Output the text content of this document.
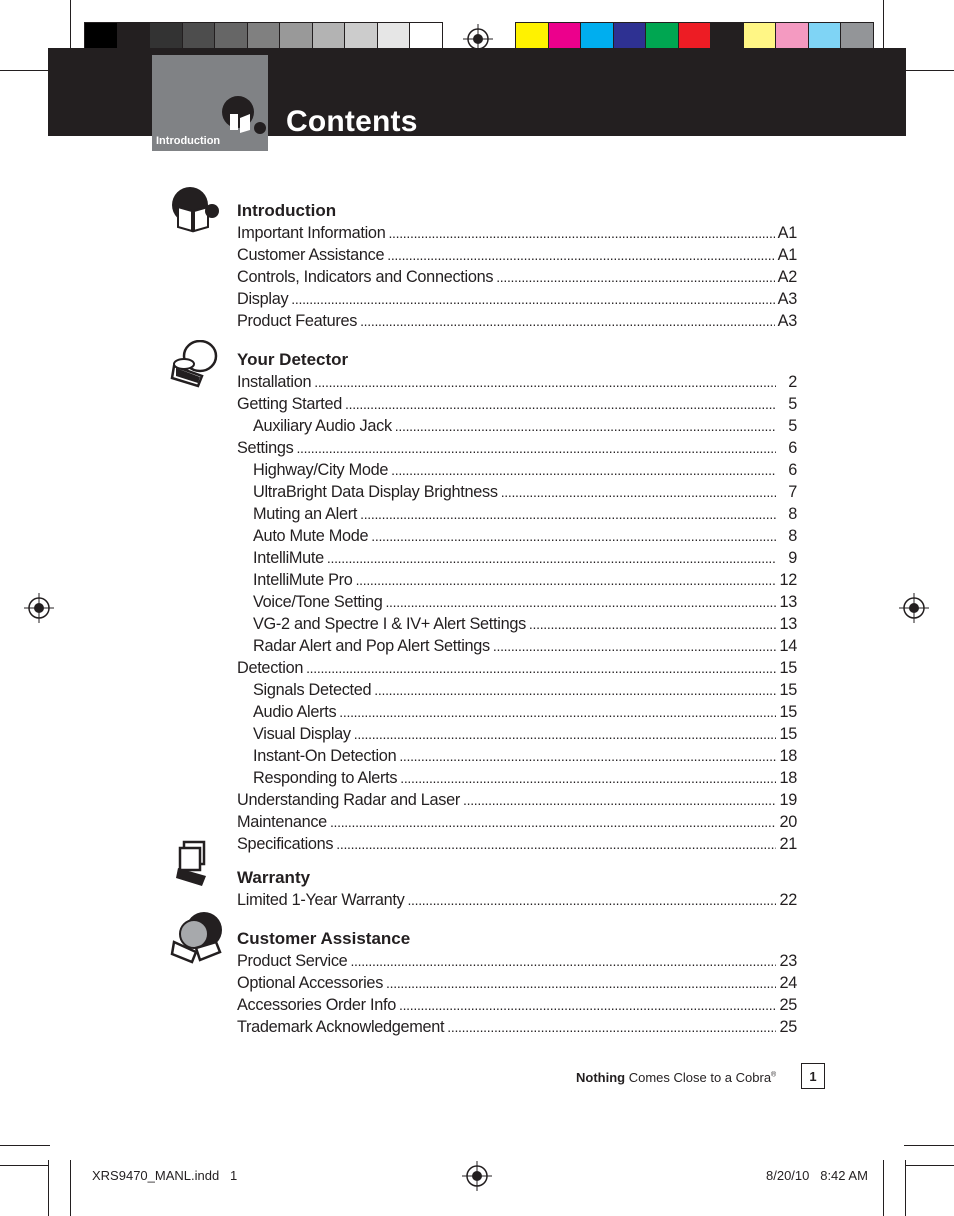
Introduction
Contents
Introduction
Important Information .....	A1
Customer Assistance .....	A1
Controls, Indicators and Connections .....	A2
Display .....	A3
Product Features .....	A3
Your Detector
Installation .....	2
Getting Started .....	5
Auxiliary Audio Jack .....	5
Settings .....	6
Highway/City Mode .....	6
UltraBright Data Display Brightness .....	7
Muting an Alert .....	8
Auto Mute Mode .....	8
IntelliMute .....	9
IntelliMute Pro .....	12
Voice/Tone Setting .....	13
VG-2 and Spectre I & IV+ Alert Settings .....	13
Radar Alert and Pop Alert Settings .....	14
Detection .....	15
Signals Detected .....	15
Audio Alerts .....	15
Visual Display .....	15
Instant-On Detection .....	18
Responding to Alerts .....	18
Understanding Radar and Laser .....	19
Maintenance .....	20
Specifications .....	21
Warranty
Limited 1-Year Warranty .....	22
Customer Assistance
Product Service .....	23
Optional Accessories .....	24
Accessories Order Info .....	25
Trademark Acknowledgement .....	25
Nothing Comes Close to a Cobra®	1
XRS9470_MANL.indd   1	8/20/10   8:42 AM
